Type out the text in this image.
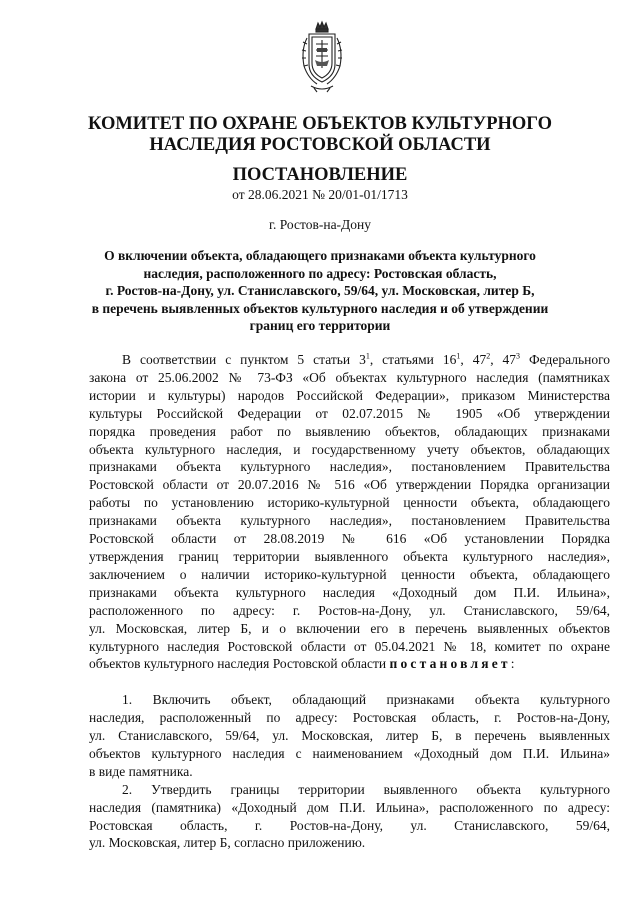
КОМИТЕТ ПО ОХРАНЕ ОБЪЕКТОВ КУЛЬТУРНОГО
НАСЛЕДИЯ РОСТОВСКОЙ ОБЛАСТИ
ПОСТАНОВЛЕНИЕ
от 28.06.2021 № 20/01-01/1713
г. Ростов-на-Дону
О включении объекта, обладающего признаками объекта культурного
наследия, расположенного по адресу: Ростовская область,
г. Ростов-на-Дону, ул. Станиславского, 59/64, ул. Московская, литер Б,
в перечень выявленных объектов культурного наследия и об утверждении
границ его территории
В соответствии с пунктом 5 статьи $3^1$, статьями $16^1$, $47^2$, $47^3$ Федерального
закона от 25.06.2002 № 73-ФЗ «Об объектах культурного наследия (памятниках
истории и культуры) народов Российской Федерации», приказом Министерства
культуры Российской Федерации от 02.07.2015 № 1905 «Об утверждении
порядка проведения работ по выявлению объектов, обладающих признаками
объекта культурного наследия, и государственному учету объектов, обладающих
признаками объекта культурного наследия», постановлением Правительства
Ростовской области от 20.07.2016 № 516 «Об утверждении Порядка организации
работы по установлению историко-культурной ценности объекта, обладающего
признаками объекта культурного наследия», постановлением Правительства
Ростовской области от 28.08.2019 № 616 «Об установлении Порядка
утверждения границ территории выявленного объекта культурного наследия»,
заключением о наличии историко-культурной ценности объекта, обладающего
признаками объекта культурного наследия «Доходный дом П.И. Ильина»,
расположенного по адресу: г. Ростов-на-Дону, ул. Станиславского, 59/64,
ул. Московская, литер Б, и о включении его в перечень выявленных объектов
культурного наследия Ростовской области от 05.04.2021 № 18, комитет по охране
объектов культурного наследия Ростовской области постановляет:
1. Включить объект, обладающий признаками объекта культурного
наследия, расположенный по адресу: Ростовская область, г. Ростов-на-Дону,
ул. Станиславского, 59/64, ул. Московская, литер Б, в перечень выявленных
объектов культурного наследия с наименованием «Доходный дом П.И. Ильина»
в виде памятника.
2. Утвердить границы территории выявленного объекта культурного
наследия (памятника) «Доходный дом П.И. Ильина», расположенного по адресу:
Ростовская область, г. Ростов-на-Дону, ул. Станиславского, 59/64,
ул. Московская, литер Б, согласно приложению.
